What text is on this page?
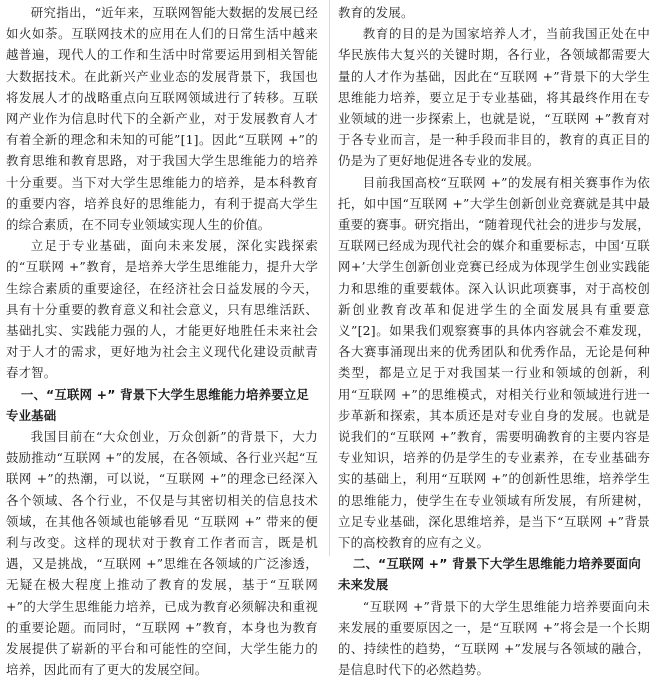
研究指出，“近年来，互联网智能大数据的发展已经如火如荼。互联网技术的应用在人们的日常生活中越来越普遍，现代人的工作和生活中时常要运用到相关智能大数据技术。在此新兴产业业态的发展背景下，我国也将发展人才的战略重点向互联网领域进行了转移。互联网产业作为信息时代下的全新产业，对于发展教育人才有着全新的理念和未知的可能”[1]。因此“互联网 +”的教育思维和教育思路，对于我国大学生思维能力的培养十分重要。当下对大学生思维能力的培养，是本科教育的重要内容，培养良好的思维能力，有利于提高大学生的综合素质，在不同专业领域实现人生的价值。

立足于专业基础，面向未来发展，深化实践探索的“互联网 +”教育，是培养大学生思维能力，提升大学生综合素质的重要途径，在经济社会日益发展的今天，具有十分重要的教育意义和社会意义，只有思维活跃、基础扎实、实践能力强的人，才能更好地胜任未来社会对于人才的需求，更好地为社会主义现代化建设贡献青春才智。

一、“互联网 +” 背景下大学生思维能力培养要立足专业基础

我国目前在“大众创业，万众创新”的背景下，大力鼓励推动“互联网 +”的发展，在各领域、各行业兴起“互联网 +”的热潮，可以说，“互联网 +”的理念已经深入各个领域、各个行业，不仅是与其密切相关的信息技术领域，在其他各领域也能够看见 “互联网 +” 带来的便利与改变。这样的现状对于教育工作者而言，既是机遇，又是挑战，“互联网 +”思维在各领域的广泛渗透，无疑在极大程度上推动了教育的发展，基于“互联网 +”的大学生思维能力培养，已成为教育必须解决和重视的重要论题。而同时，“互联网 +”教育，本身也为教育发展提供了崭新的平台和可能性的空间，大学生能力的培养，因此而有了更大的发展空间。

教育的发展。

教育的目的是为国家培养人才，当前我国正处在中华民族伟大复兴的关键时期，各行业，各领域都需要大量的人才作为基础，因此在“互联网 +”背景下的大学生思维能力培养，要立足于专业基础，将其最终作用在专业领域的进一步探索上，也就是说，“互联网 +”教育对于各专业而言，是一种手段而非目的，教育的真正目的仍是为了更好地促进各专业的发展。

目前我国高校“互联网 +”的发展有相关赛事作为依托，如中国“互联网 +”大学生创新创业竞赛就是其中最重要的赛事。研究指出，“随着现代社会的进步与发展，互联网已经成为现代社会的媒介和重要标志，中国‘互联网+’大学生创新创业竞赛已经成为体现学生创业实践能力和思维的重要载体。深入认识此项赛事，对于高校创新创业教育改革和促进学生的全面发展具有重要意义”[2]。如果我们观察赛事的具体内容就会不难发现，各大赛事涌现出来的优秀团队和优秀作品，无论是何种类型，都是立足于对我国某一行业和领域的创新，利用“互联网 +”的思维模式，对相关行业和领域进行进一步革新和探索，其本质还是对专业自身的发展。也就是说我们的“互联网 +”教育，需要明确教育的主要内容是专业知识，培养的仍是学生的专业素养，在专业基础夯实的基础上，利用“互联网 +”的创新性思维，培养学生的思维能力，使学生在专业领域有所发展，有所建树，立足专业基础，深化思维培养，是当下“互联网 +”背景下的高校教育的应有之义。

二、“互联网 +” 背景下大学生思维能力培养要面向未来发展

“互联网 +”背景下的大学生思维能力培养要面向未来发展的重要原因之一，是“互联网 +”将会是一个长期的、持续性的趋势，“互联网 +”发展与各领域的融合，是信息时代下的必然趋势。
